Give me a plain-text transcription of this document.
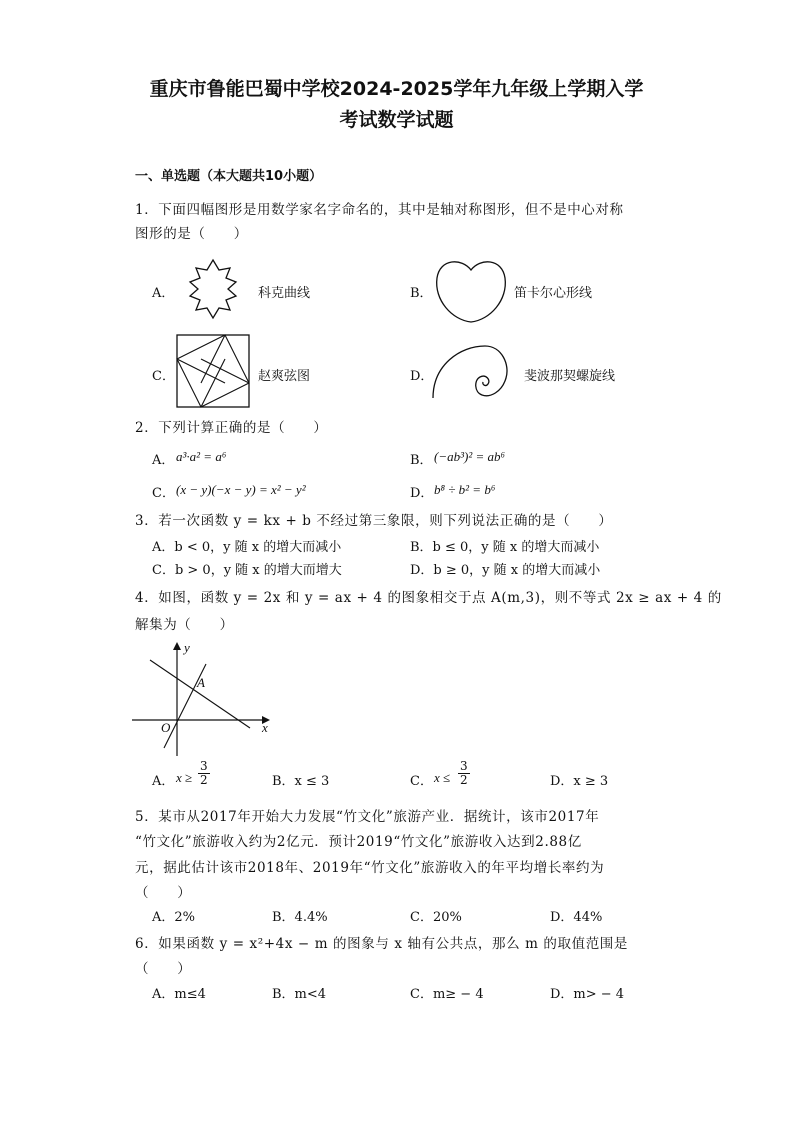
重庆市鲁能巴蜀中学校2024-2025学年九年级上学期入学
考试数学试题
一、单选题（本大题共10小题）
1．下面四幅图形是用数学家名字命名的，其中是轴对称图形，但不是中心对称
图形的是（　　）
A．	科克曲线	B．	笛卡尔心形线
C．	赵爽弦图	D．	斐波那契螺旋线
2．下列计算正确的是（　　）
A． a³·a² = a⁶	B． (−ab³)² = ab⁶
C． (x − y)(−x − y) = x² − y²	D． b⁸ ÷ b² = b⁶
3．若一次函数 y = kx + b 不经过第三象限，则下列说法正确的是（　　）
A．b < 0，y 随 x 的增大而减小	B．b ≤ 0，y 随 x 的增大而减小
C．b > 0，y 随 x 的增大而增大	D．b ≥ 0，y 随 x 的增大而减小
4．如图，函数 y = 2x 和 y = ax + 4 的图象相交于点 A(m,3)，则不等式 2x ≥ ax + 4 的
解集为（　　）
y
x
O
A
A． $x \ge \frac{3}{2}$	B．x ≤ 3	C． $x \le \frac{3}{2}$	D．x ≥ 3
5．某市从2017年开始大力发展“竹文化”旅游产业．据统计，该市2017年
“竹文化”旅游收入约为2亿元．预计2019“竹文化”旅游收入达到2.88亿
元，据此估计该市2018年、2019年“竹文化”旅游收入的年平均增长率约为
（　　）
A．2%	B．4.4%	C．20%	D．44%
6．如果函数 y = x²+4x − m 的图象与 x 轴有公共点，那么 m 的取值范围是
（　　）
A．m≤4	B．m<4	C．m≥ − 4	D．m> − 4
